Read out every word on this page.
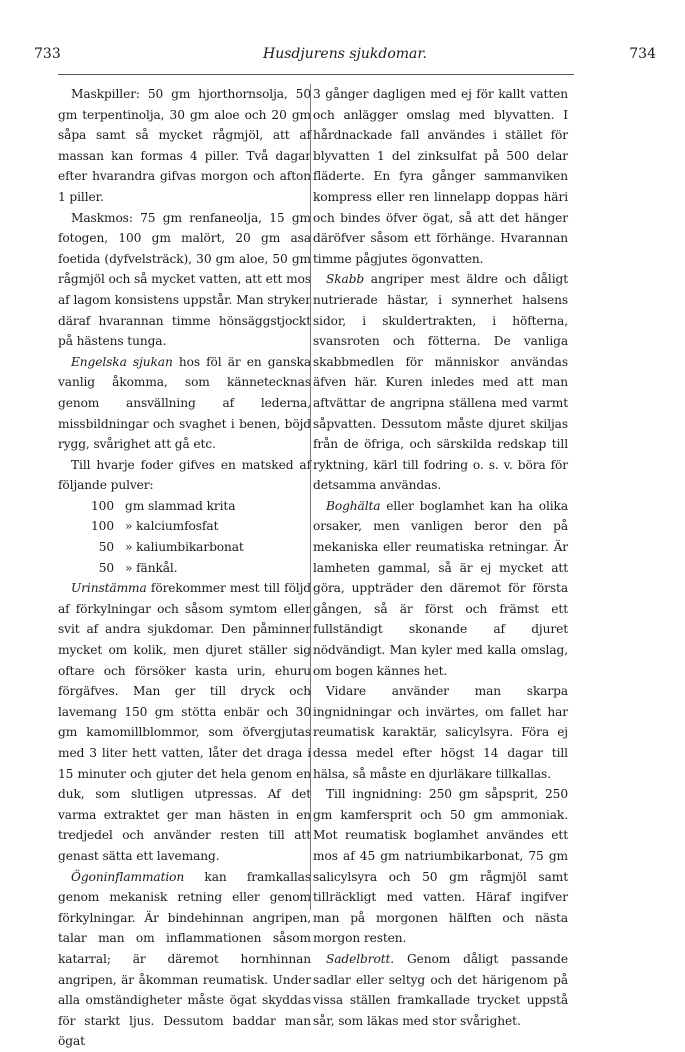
733	Husdjurens sjukdomar.	734

Maskpiller: 50 gm hjorthornsolja, 50 gm terpentinolja, 30 gm aloe och 20 gm såpa samt så mycket rågmjöl, att af massan kan formas 4 piller. Två dagar efter hvarandra gifvas morgon och afton 1 piller.

Maskmos: 75 gm renfaneolja, 15 gm fotogen, 100 gm malört, 20 gm asa foetida (dyfvelsträck), 30 gm aloe, 50 gm rågmjöl och så mycket vatten, att ett mos af lagom konsistens uppstår. Man stryker däraf hvarannan timme hönsäggstjockt på hästens tunga.

Engelska sjukan hos föl är en ganska vanlig åkomma, som kännetecknas genom ansvällning af lederna, missbildningar och svaghet i benen, böjd rygg, svårighet att gå etc.

Till hvarje foder gifves en matsked af följande pulver:

100 gm slammad krita
100 » kalciumfosfat
50 » kaliumbikarbonat
50 » fänkål.

Urinstämma förekommer mest till följd af förkylningar och såsom symtom eller svit af andra sjukdomar. Den påminner mycket om kolik, men djuret ställer sig oftare och försöker kasta urin, ehuru förgäfves. Man ger till dryck och lavemang 150 gm stötta enbär och 30 gm kamomillblommor, som öfvergjutas med 3 liter hett vatten, låter det draga i 15 minuter och gjuter det hela genom en duk, som slutligen utpressas. Af det varma extraktet ger man hästen in en tredjedel och använder resten till att genast sätta ett lavemang.

Ögoninflammation kan framkallas genom mekanisk retning eller genom förkylningar. Är bindehinnan angripen, talar man om inflammationen såsom katarral; är däremot hornhinnan angripen, är åkomman reumatisk. Under alla omständigheter måste ögat skyddas för starkt ljus. Dessutom baddar man ögat

3 gånger dagligen med ej för kallt vatten och anlägger omslag med blyvatten. I hårdnackade fall användes i stället för blyvatten 1 del zinksulfat på 500 delar fläderte. En fyra gånger sammanviken kompress eller ren linnelapp doppas häri och bindes öfver ögat, så att det hänger däröfver såsom ett förhänge. Hvarannan timme pågjutes ögonvatten.

Skabb angriper mest äldre och dåligt nutrierade hästar, i synnerhet halsens sidor, i skuldertrakten, i höfterna, svansroten och fötterna. De vanliga skabbmedlen för människor användas äfven här. Kuren inledes med att man aftvättar de angripna ställena med varmt såpvatten. Dessutom måste djuret skiljas från de öfriga, och särskilda redskap till ryktning, kärl till fodring o. s. v. böra för detsamma användas.

Boghälta eller boglamhet kan ha olika orsaker, men vanligen beror den på mekaniska eller reumatiska retningar. Är lamheten gammal, så är ej mycket att göra, uppträder den däremot för första gången, så är först och främst ett fullständigt skonande af djuret nödvändigt. Man kyler med kalla omslag, om bogen kännes het.

Vidare använder man skarpa ingnidningar och invärtes, om fallet har reumatisk karaktär, salicylsyra. Föra ej dessa medel efter högst 14 dagar till hälsa, så måste en djurläkare tillkallas.

Till ingnidning: 250 gm såpsprit, 250 gm kamfersprit och 50 gm ammoniak. Mot reumatisk boglamhet användes ett mos af 45 gm natriumbikarbonat, 75 gm salicylsyra och 50 gm rågmjöl samt tillräckligt med vatten. Häraf ingifver man på morgonen hälften och nästa morgon resten.

Sadelbrott. Genom dåligt passande sadlar eller seltyg och det härigenom på vissa ställen framkallade trycket uppstå sår, som läkas med stor svårighet.
